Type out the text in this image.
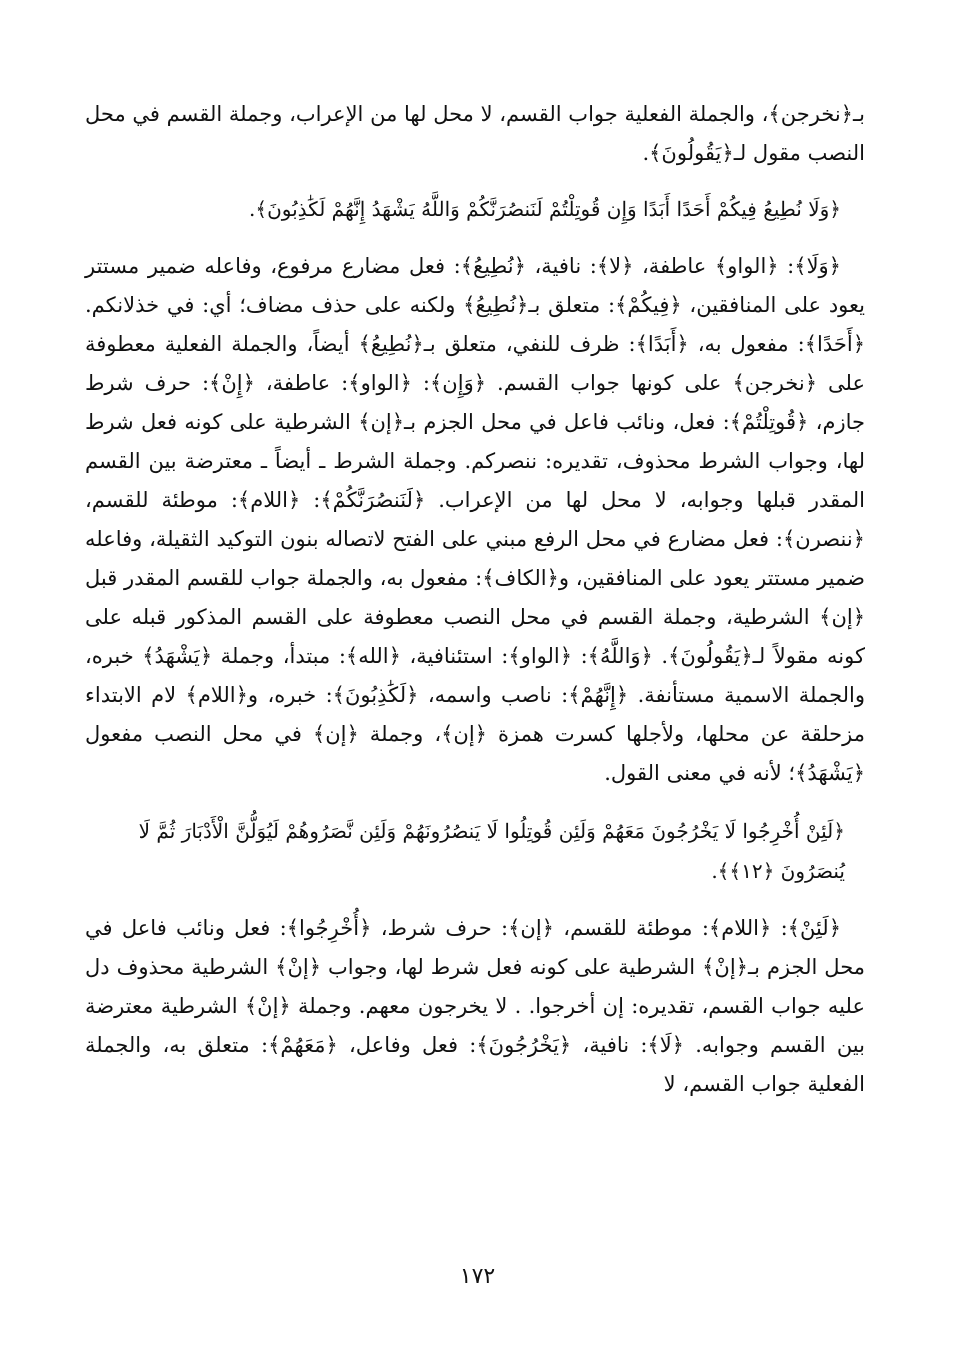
بـ﴿نخرجن﴾، والجملة الفعلية جواب القسم، لا محل لها من الإعراب، وجملة القسم في محل النصب مقول لـ﴿يَقُولُونَ﴾.

﴿وَلَا نُطِيعُ فِيكُمْ أَحَدًا أَبَدًا وَإِن قُوتِلْتُمْ لَنَنصُرَنَّكُمْ وَاللَّهُ يَشْهَدُ إِنَّهُمْ لَكَٰذِبُونَ﴾.

﴿وَلَا﴾: ﴿الواو﴾ عاطفة، ﴿لا﴾: نافية، ﴿نُطِيعُ﴾: فعل مضارع مرفوع، وفاعله ضمير مستتر يعود على المنافقين، ﴿فِيكُمْ﴾: متعلق بـ﴿نُطِيعُ﴾ ولكنه على حذف مضاف؛ أي: في خذلانكم. ﴿أَحَدًا﴾: مفعول به، ﴿أَبَدًا﴾: ظرف للنفي، متعلق بـ﴿نُطِيعُ﴾ أيضاً، والجملة الفعلية معطوفة على ﴿نخرجن﴾ على كونها جواب القسم. ﴿وَإِن﴾: ﴿الواو﴾: عاطفة، ﴿إِنْ﴾: حرف شرط جازم، ﴿قُوتِلْتُمْ﴾: فعل، ونائب فاعل في محل الجزم بـ﴿إن﴾ الشرطية على كونه فعل شرط لها، وجواب الشرط محذوف، تقديره: ننصركم. وجملة الشرط ـ أيضاً ـ معترضة بين القسم المقدر قبلها وجوابه، لا محل لها من الإعراب. ﴿لَنَنصُرَنَّكُمْ﴾: ﴿اللام﴾: موطئة للقسم، ﴿ننصرن﴾: فعل مضارع في محل الرفع مبني على الفتح لاتصاله بنون التوكيد الثقيلة، وفاعله ضمير مستتر يعود على المنافقين، و﴿الكاف﴾: مفعول به، والجملة جواب للقسم المقدر قبل ﴿إن﴾ الشرطية، وجملة القسم في محل النصب معطوفة على القسم المذكور قبله على كونه مقولاً لـ﴿يَقُولُونَ﴾. ﴿وَاللَّهُ﴾: ﴿الواو﴾: استئنافية، ﴿الله﴾: مبتدأ، وجملة ﴿يَشْهَدُ﴾ خبره، والجملة الاسمية مستأنفة. ﴿إِنَّهُمْ﴾: ناصب واسمه، ﴿لَكَٰذِبُونَ﴾: خبره، و﴿اللام﴾ لام الابتداء مزحلقة عن محلها، ولأجلها كسرت همزة ﴿إن﴾، وجملة ﴿إن﴾ في محل النصب مفعول ﴿يَشْهَدُ﴾؛ لأنه في معنى القول.

﴿لَئِنْ أُخْرِجُوا لَا يَخْرُجُونَ مَعَهُمْ وَلَئِن قُوتِلُوا لَا يَنصُرُونَهُمْ وَلَئِن نَّصَرُوهُمْ لَيُوَلُّنَّ الْأَدْبَارَ ثُمَّ لَا يُنصَرُونَ ﴿١٢﴾﴾.

﴿لَئِنْ﴾: ﴿اللام﴾: موطئة للقسم، ﴿إن﴾: حرف شرط، ﴿أُخْرِجُوا﴾: فعل ونائب فاعل في محل الجزم بـ﴿إنْ﴾ الشرطية على كونه فعل شرط لها، وجواب ﴿إنْ﴾ الشرطية محذوف دل عليه جواب القسم، تقديره: إن أخرجوا. . لا يخرجون معهم. وجملة ﴿إنْ﴾ الشرطية معترضة بين القسم وجوابه. ﴿لَا﴾: نافية، ﴿يَخْرُجُونَ﴾: فعل وفاعل، ﴿مَعَهُمْ﴾: متعلق به، والجملة الفعلية جواب القسم، لا

١٧٢
